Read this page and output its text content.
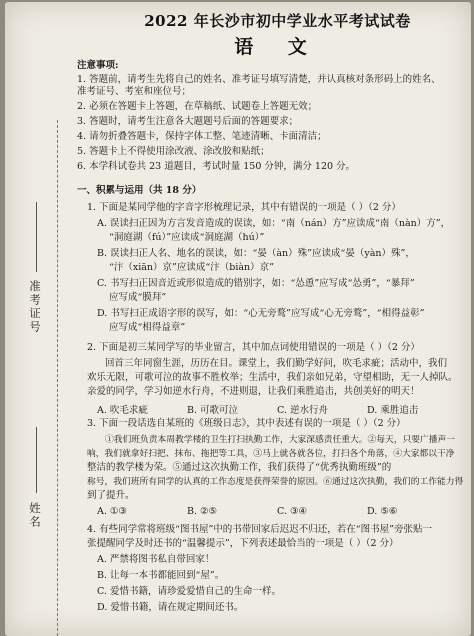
准考证号
姓名
2022 年长沙市初中学业水平考试试卷
语 文
注意事项:
1. 答题前，请考生先将自己的姓名、准考证号填写清楚，并认真核对条形码上的姓名、
准考证号、考室和座位号；
2. 必须在答题卡上答题，在草稿纸、试题卷上答题无效；
3. 答题时，请考生注意各大题题号后面的答题要求；
4. 请勿折叠答题卡，保持字体工整、笔迹清晰、卡面清洁；
5. 答题卡上不得使用涂改液、涂改胶和贴纸；
6. 本学科试卷共 23 道题目，考试时量 150 分钟，满分 120 分。
一、积累与运用（共 18 分）
1. 下面是某同学他的字音字形梳理记录，其中有错误的一项是（ ）（2 分）
A. 误读扫正因为方言发音造成的误读，如：“南（nán）方”应读成“南（nàn）方”，
“洞庭湖（fú）”应读成“洞庭湖（hú）”
B. 误读扫正人名、地名的误读，如：“晏（àn）殊”应读成“晏（yàn）殊”，
“汴（xiān）京”应读成“汴（biàn）京”
C. 书写扫正因音近或形似造成的错别字，如：“怂恿”应写成“怂勇”，“暴拜”
应写成“膜拜”
D. 书写扫正成语字形的误写，如：“心无旁鹜”应写成“心无旁鹜”，“相得益彰”
应写成“相得益章”
2. 下面是初三某同学写的毕业留言，其中加点词使用错误的一项是（ ）（2 分）
回首三年同窗生涯，历历在目。课堂上，我们勤学好问，吹毛求疵；活动中，我们
欢乐无限，可歌可泣的故事不胜枚举；生活中，我们亲如兄弟，守望相助，无一人掉队。
亲爱的同学，学习如逆水行舟，不进则退，让我们乘胜追击，共创美好的明天！
A. 吹毛求疵	B. 可歌可泣	C. 逆水行舟	D. 乘胜追击
3. 下面一段话选自某班的《班级日志》，其中表述有误的一项是（ ）（2 分）
①我们班负责本周教学楼的卫生打扫执勤工作，大家深感责任重大。②每天，只要广播声一
响，我们就拿好扫把、抹布、拖把等工具，③马上就各就各位，打扫各个角落，④大家都以干净
整洁的教学楼为荣。⑤通过这次执勤工作，我们获得了“优秀执勤班级”的
称号，我们班所有同学的认真的工作态度是获得荣誉的原因。⑥通过这次执勤，我们的工作能力得
到了提升。
A. ①③	B. ②⑤	C. ③④	D. ⑤⑥
4. 有些同学常将班级“图书屋”中的书带回家后迟迟不归还，若在“图书屋”旁张贴一
张提醒同学及时还书的“温馨提示”，下列表述最恰当的一项是（ ）（2 分）
A. 严禁将图书私自带回家！
B. 让每一本书都能回到“屋”。
C. 爱惜书籍，请珍爱爱惜自己的生命一样。
D. 爱惜书籍，请在规定期间还书。
